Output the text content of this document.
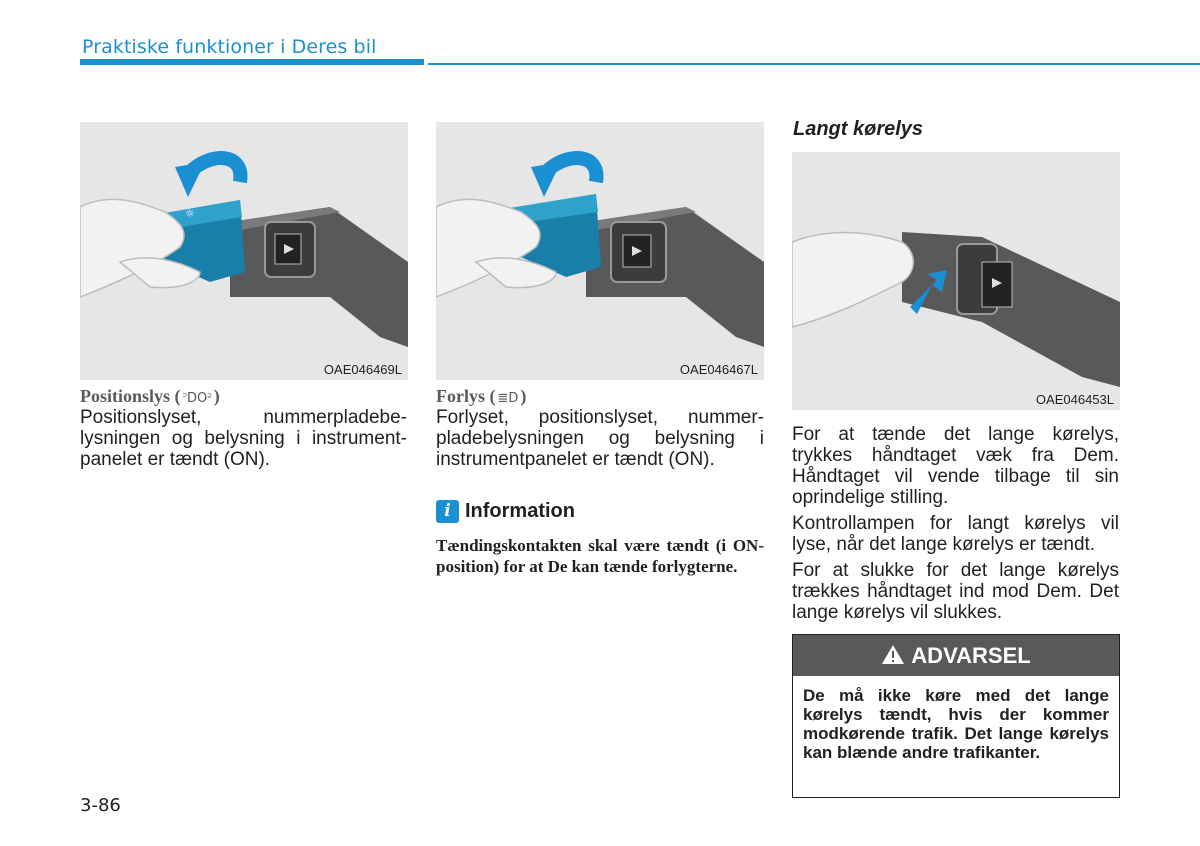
Praktiske funktioner i Deres bil
☼
OAE046469L	OAE046467L
OAE046453L
Positionslys ( ꜄DO꜅ )

Positionslyset, nummerpladebe-lysningen og belysning i instrument-panelet er tændt (ON).

Forlys ( ≣D )

Forlyset, positionslyset, nummer-pladebelysningen og belysning i instrumentpanelet er tændt (ON).

i Information
Tændingskontakten skal være tændt (i ON-position) for at De kan tænde forlygterne.
Langt kørelys

For at tænde det lange kørelys, trykkes håndtaget væk fra Dem. Håndtaget vil vende tilbage til sin oprindelige stilling.

Kontrollampen for langt kørelys vil lyse, når det lange kørelys er tændt.

For at slukke for det lange kørelys trækkes håndtaget ind mod Dem. Det lange kørelys vil slukkes.

ADVARSEL
De må ikke køre med det lange kørelys tændt, hvis der kommer modkørende trafik. Det lange kørelys kan blænde andre trafikanter.
3-86
